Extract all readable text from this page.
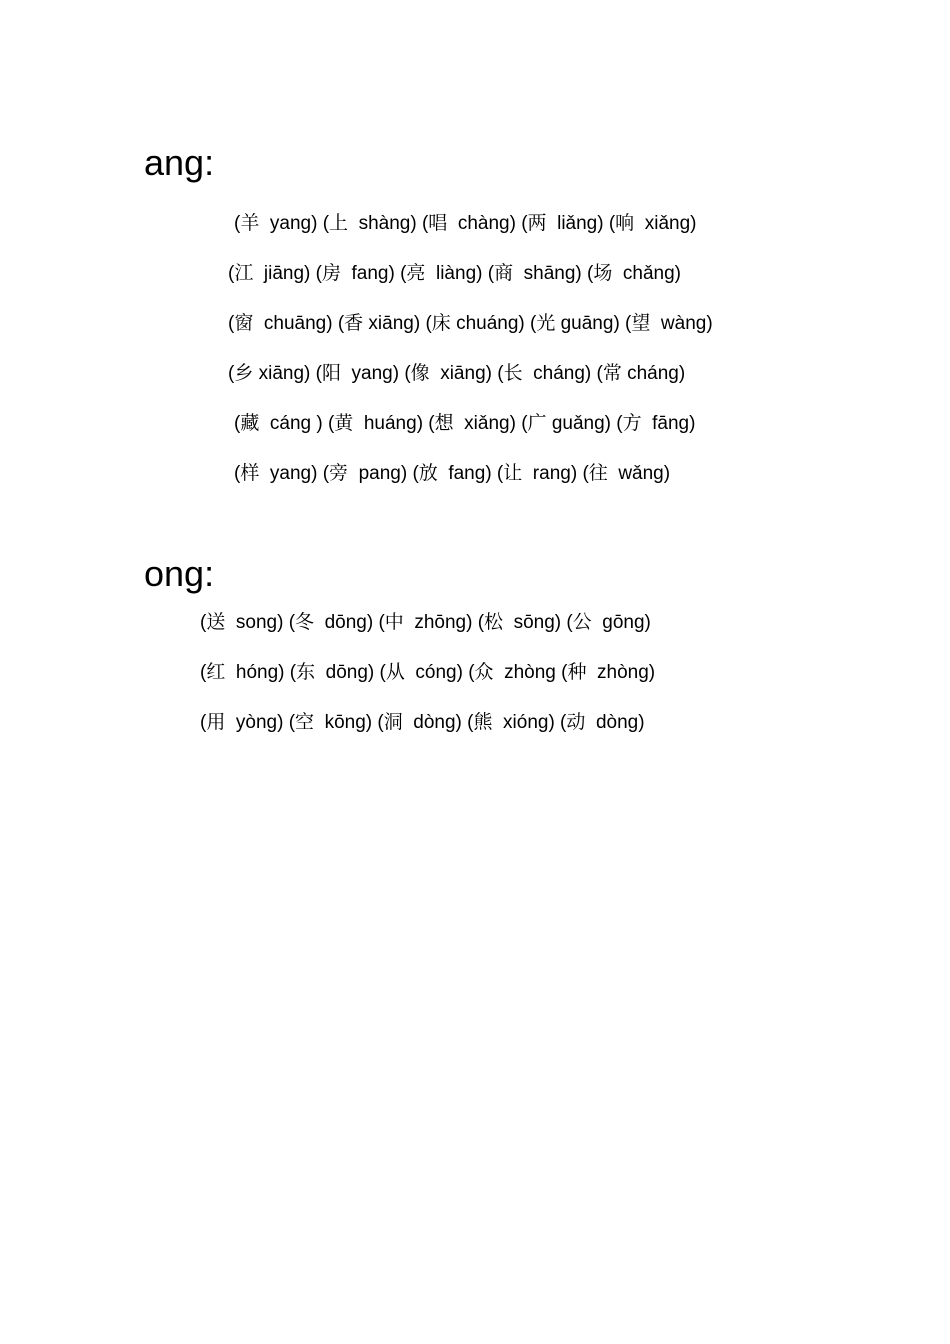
ang:
(羊  yang) (上  shàng) (唱  chàng) (两  liǎng) (响  xiǎng)
(江  jiāng) (房  fang) (亮  liàng) (商  shāng) (场  chǎng)
(窗  chuāng) (香 xiāng) (床 chuáng) (光 guāng) (望  wàng)
(乡 xiāng) (阳  yang) (像  xiāng) (长  cháng) (常 cháng)
(藏  cáng ) (黄  huáng) (想  xiǎng) (广 guǎng) (方  fāng)
(样  yang) (旁  pang) (放  fang) (让  rang) (往  wǎng)
ong:
(送  song) (冬  dōng) (中  zhōng) (松  sōng) (公  gōng)
(红  hóng) (东  dōng) (从  cóng) (众  zhòng (种  zhòng)
(用  yòng) (空  kōng) (洞  dòng) (熊  xióng) (动  dòng)
